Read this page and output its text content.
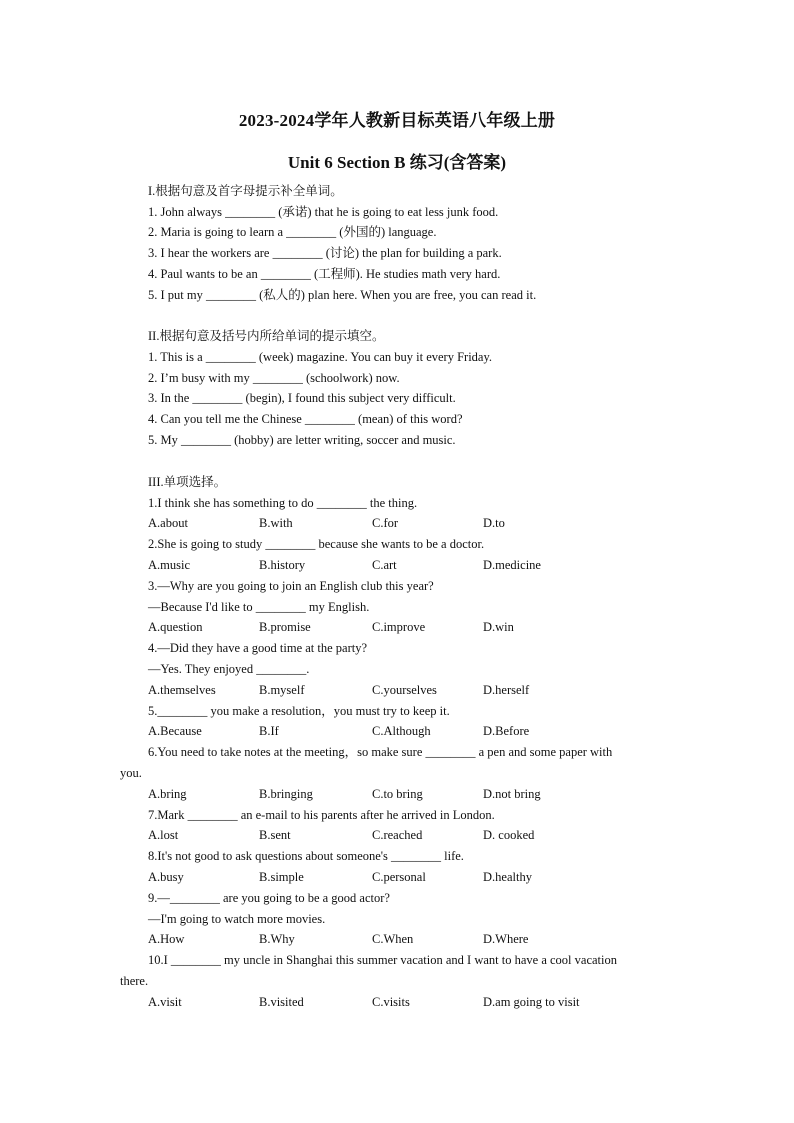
2023-2024学年人教新目标英语八年级上册
Unit 6 Section B 练习(含答案)
I.根据句意及首字母提示补全单词。
1. John always ________ (承诺) that he is going to eat less junk food.
2. Maria is going to learn a ________ (外国的) language.
3. I hear the workers are ________ (讨论) the plan for building a park.
4. Paul wants to be an ________ (工程师). He studies math very hard.
5. I put my ________ (私人的) plan here. When you are free, you can read it.
II.根据句意及括号内所给单词的提示填空。
1. This is a ________ (week) magazine. You can buy it every Friday.
2. I’m busy with my ________ (schoolwork) now.
3. In the ________ (begin), I found this subject very difficult.
4. Can you tell me the Chinese ________ (mean) of this word?
5. My ________ (hobby) are letter writing, soccer and music.
III.单项选择。
1.I think she has something to do ________ the thing.
A.about	B.with	C.for	D.to
2.She is going to study ________ because she wants to be a doctor.
A.music	B.history	C.art	D.medicine
3.—Why are you going to join an English club this year?
—Because I'd like to ________ my English.
A.question	B.promise	C.improve	D.win
4.—Did they have a good time at the party?
—Yes. They enjoyed ________.
A.themselves	B.myself	C.yourselves	D.herself
5.________ you make a resolution，you must try to keep it.
A.Because	B.If	C.Although	D.Before
6.You need to take notes at the meeting，so make sure ________ a pen and some paper with
you.
A.bring	B.bringing	C.to bring	D.not bring
7.Mark ________ an e-mail to his parents after he arrived in London.
A.lost	B.sent	C.reached	D. cooked
8.It's not good to ask questions about someone's ________ life.
A.busy	B.simple	C.personal	D.healthy
9.—________ are you going to be a good actor?
—I'm going to watch more movies.
A.How	B.Why	C.When	D.Where
10.I ________ my uncle in Shanghai this summer vacation and I want to have a cool vacation
there.
A.visit	B.visited	C.visits	D.am going to visit
